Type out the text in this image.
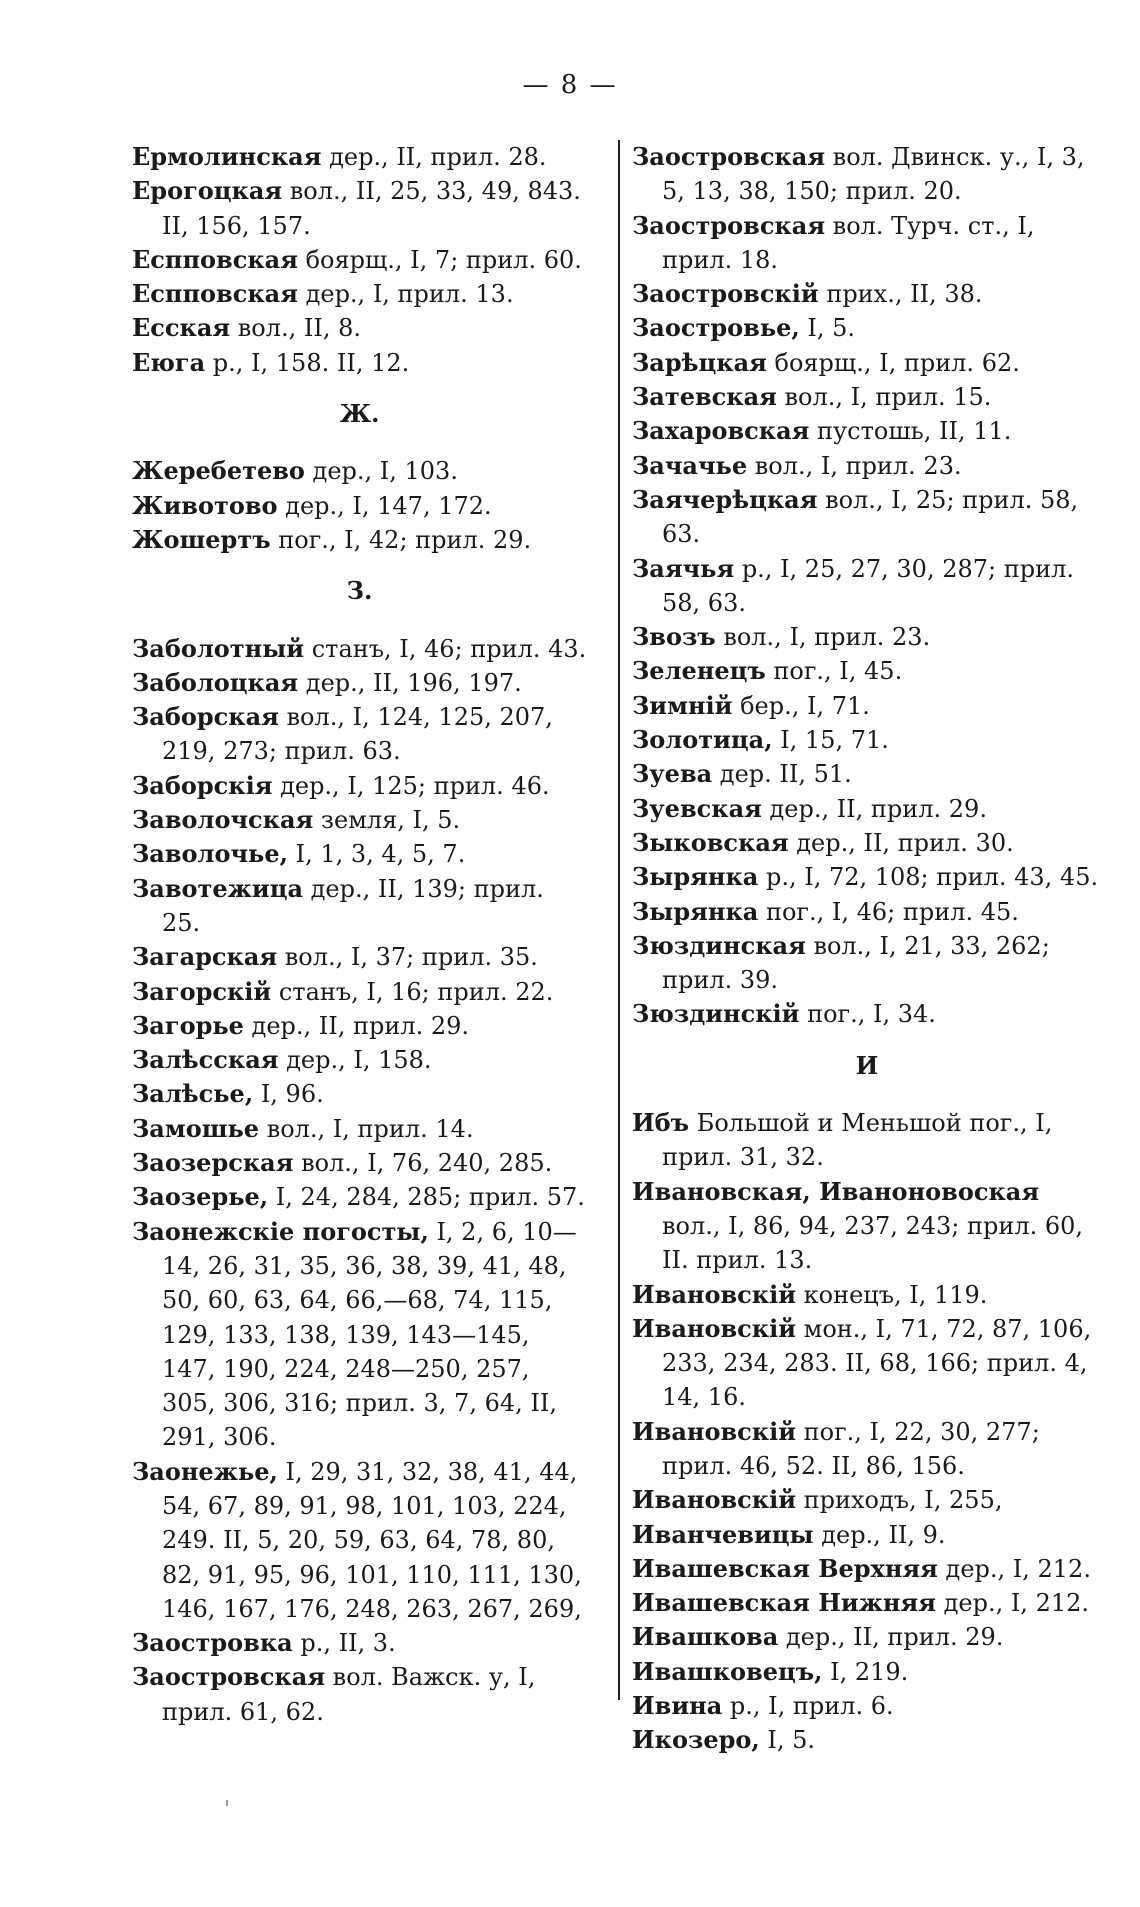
— 8 —

Ермолинская дер., II, прил. 28.

Ерогоцкая вол., II, 25, 33, 49, 843. II, 156, 157.

Еспповская боярщ., I, 7; прил. 60.

Еспповская дер., I, прил. 13.

Есская вол., II, 8.

Еюга р., I, 158. II, 12.

Ж.

Жеребетево дер., I, 103.

Животово дер., I, 147, 172.

Жошертъ пог., I, 42; прил. 29.

З.

Заболотный станъ, I, 46; прил. 43.

Заболоцкая дер., II, 196, 197.

Заборская вол., I, 124, 125, 207, 219, 273; прил. 63.

Заборскія дер., I, 125; прил. 46.

Заволочская земля, I, 5.

Заволочье, I, 1, 3, 4, 5, 7.

Завотежица дер., II, 139; прил. 25.

Загарская вол., I, 37; прил. 35.

Загорскій станъ, I, 16; прил. 22.

Загорье дер., II, прил. 29.

Залѣсская дер., I, 158.

Залѣсье, I, 96.

Замошье вол., I, прил. 14.

Заозерская вол., I, 76, 240, 285.

Заозерье, I, 24, 284, 285; прил. 57.

Заонежскіе погосты, I, 2, 6, 10—14, 26, 31, 35, 36, 38, 39, 41, 48, 50, 60, 63, 64, 66,—68, 74, 115, 129, 133, 138, 139, 143—145, 147, 190, 224, 248—250, 257, 305, 306, 316; прил. 3, 7, 64, II, 291, 306.

Заонежье, I, 29, 31, 32, 38, 41, 44, 54, 67, 89, 91, 98, 101, 103, 224, 249. II, 5, 20, 59, 63, 64, 78, 80, 82, 91, 95, 96, 101, 110, 111, 130, 146, 167, 176, 248, 263, 267, 269,

Заостровка р., II, 3.

Заостровская вол. Важск. у, I, прил. 61, 62.

Заостровская вол. Двинск. у., I, 3, 5, 13, 38, 150; прил. 20.

Заостровская вол. Турч. ст., I, прил. 18.

Заостровскій прих., II, 38.

Заостровье, I, 5.

Зарѣцкая боярщ., I, прил. 62.

Затевская вол., I, прил. 15.

Захаровская пустошь, II, 11.

Зачачье вол., I, прил. 23.

Заячерѣцкая вол., I, 25; прил. 58, 63.

Заячья р., I, 25, 27, 30, 287; прил. 58, 63.

Звозъ вол., I, прил. 23.

Зеленецъ пог., I, 45.

Зимній бер., I, 71.

Золотица, I, 15, 71.

Зуева дер. II, 51.

Зуевская дер., II, прил. 29.

Зыковская дер., II, прил. 30.

Зырянка р., I, 72, 108; прил. 43, 45.

Зырянка пог., I, 46; прил. 45.

Зюздинская вол., I, 21, 33, 262; прил. 39.

Зюздинскій пог., I, 34.

И

Ибъ Большой и Меньшой пог., I, прил. 31, 32.

Ивановская, Иваноновоская вол., I, 86, 94, 237, 243; прил. 60, II. прил. 13.

Ивановскій конецъ, I, 119.

Ивановскій мон., I, 71, 72, 87, 106, 233, 234, 283. II, 68, 166; прил. 4, 14, 16.

Ивановскій пог., I, 22, 30, 277; прил. 46, 52. II, 86, 156.

Ивановскій приходъ, I, 255,

Иванчевицы дер., II, 9.

Ивашевская Верхняя дер., I, 212.

Ивашевская Нижняя дер., I, 212.

Ивашкова дер., II, прил. 29.

Ивашковецъ, I, 219.

Ивина р., I, прил. 6.

Икозеро, I, 5.
